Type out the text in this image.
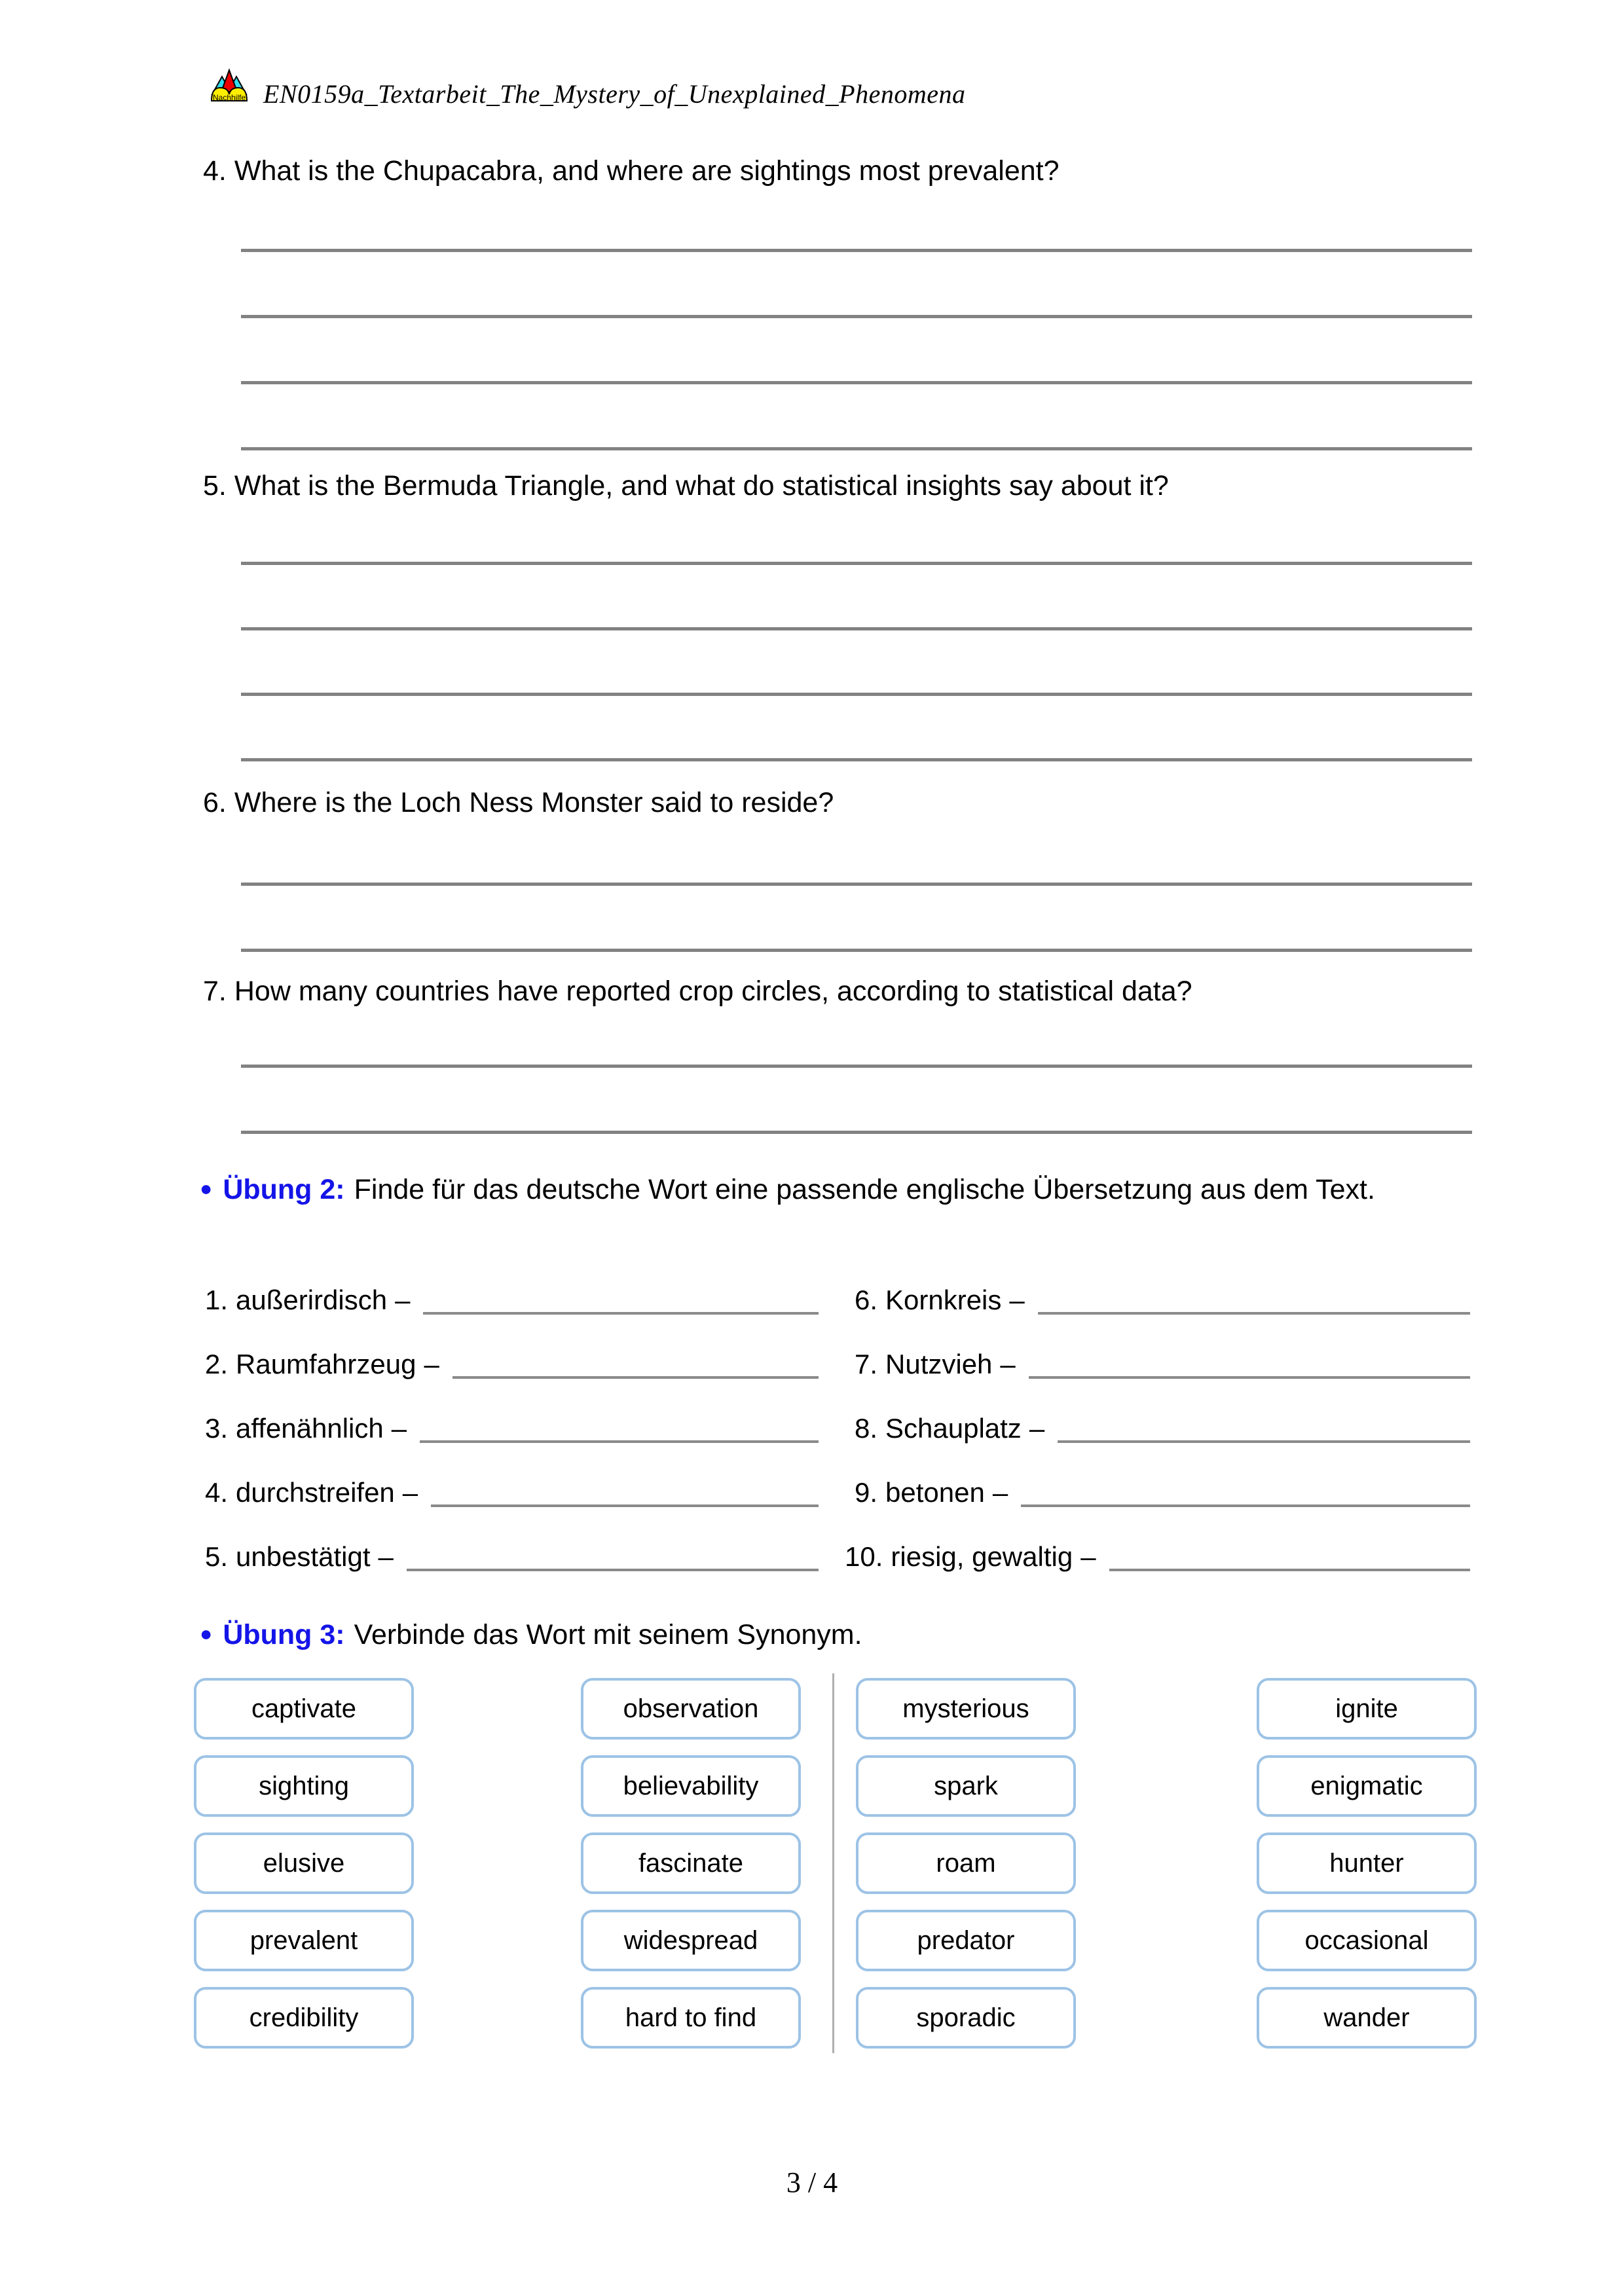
Nachhilfe EN0159a_Textarbeit_The_Mystery_of_Unexplained_Phenomena
4. What is the Chupacabra, and where are sightings most prevalent?
5. What is the Bermuda Triangle, and what do statistical insights say about it?
6. Where is the Loch Ness Monster said to reside?
7. How many countries have reported crop circles, according to statistical data?
● Übung 2: Finde für das deutsche Wort eine passende englische Übersetzung aus dem Text.
1. außerirdisch –
2. Raumfahrzeug –
3. affenähnlich –
4. durchstreifen –
5. unbestätigt –
6. Kornkreis –
7. Nutzvieh –
8. Schauplatz –
9. betonen –
10. riesig, gewaltig –
● Übung 3: Verbinde das Wort mit seinem Synonym.
captivate
sighting
elusive
prevalent
credibility
observation
believability
fascinate
widespread
hard to find
mysterious
spark
roam
predator
sporadic
ignite
enigmatic
hunter
occasional
wander
3 / 4
